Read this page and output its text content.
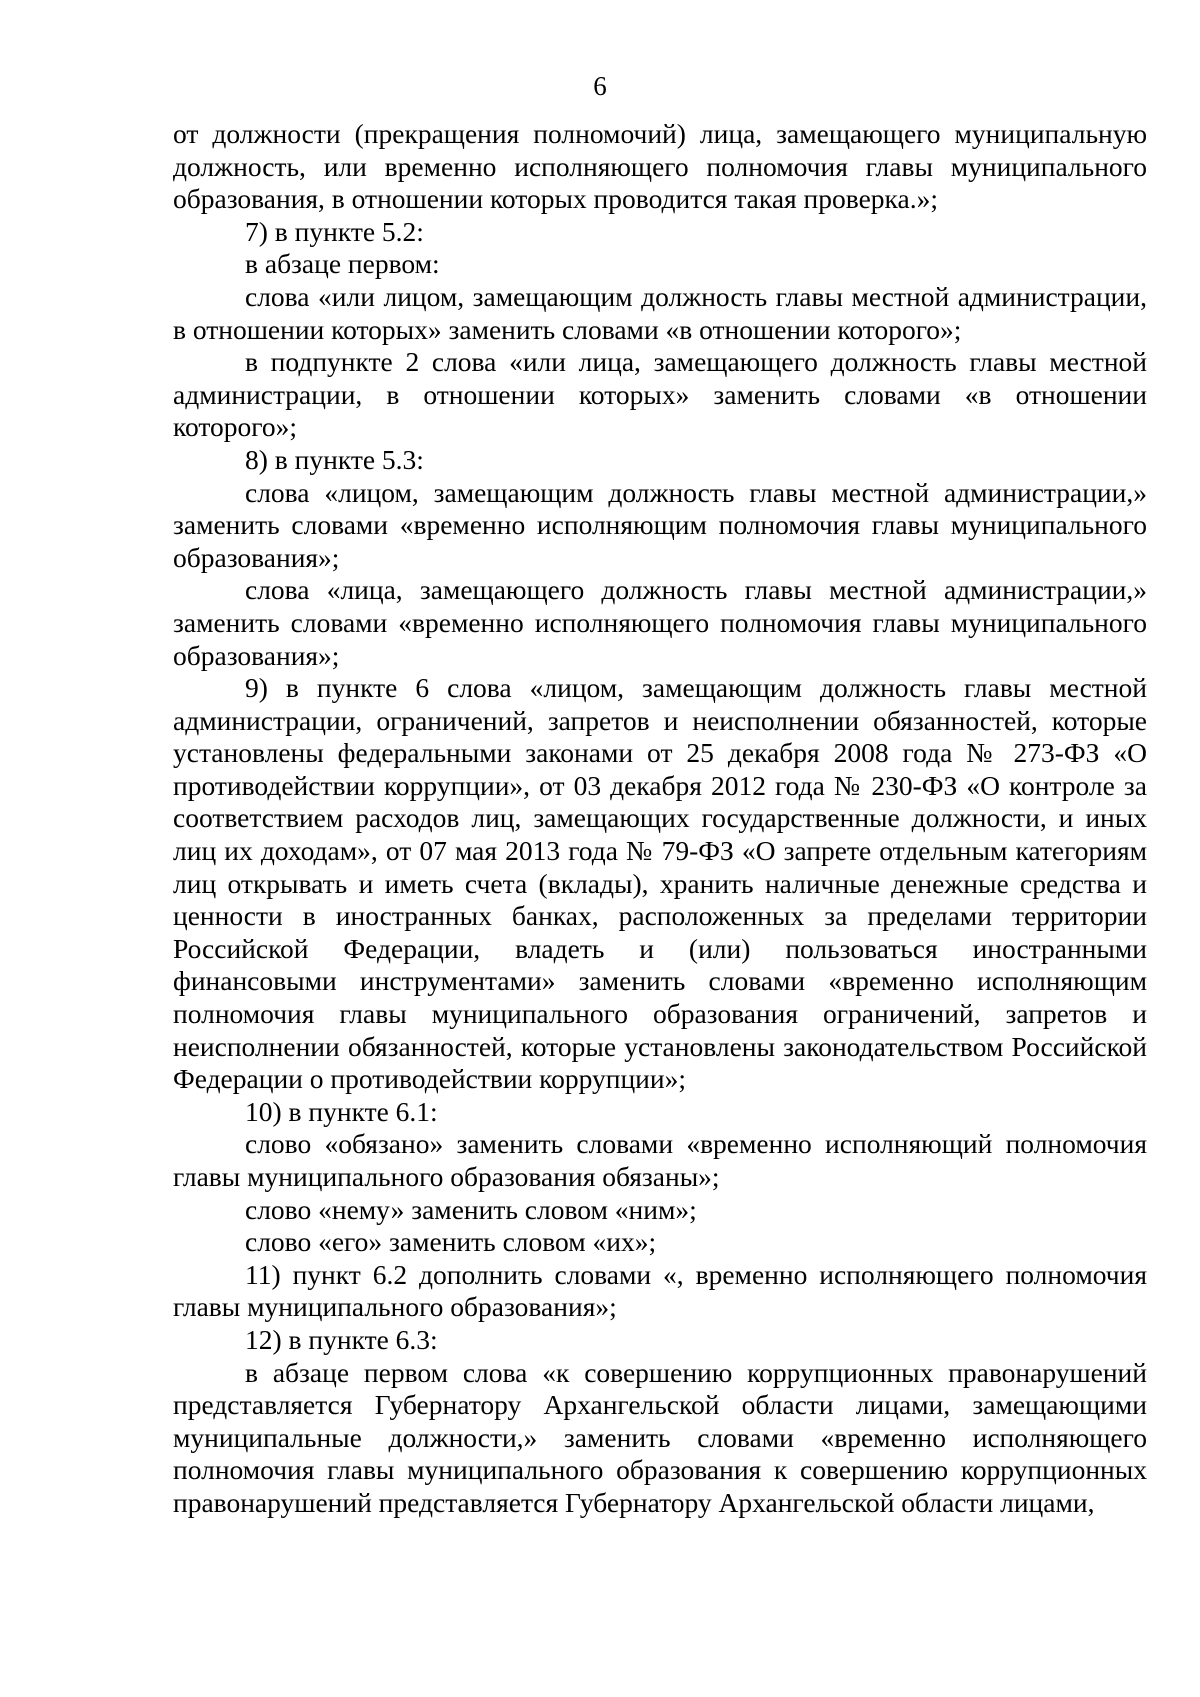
6

от должности (прекращения полномочий) лица, замещающего муниципальную должность, или временно исполняющего полномочия главы муниципального образования, в отношении которых проводится такая проверка.»;

7) в пункте 5.2:

в абзаце первом:

слова «или лицом, замещающим должность главы местной администрации, в отношении которых» заменить словами «в отношении которого»;

в подпункте 2 слова «или лица, замещающего должность главы местной администрации, в отношении которых» заменить словами «в отношении которого»;

8) в пункте 5.3:

слова «лицом, замещающим должность главы местной администрации,» заменить словами «временно исполняющим полномочия главы муниципального образования»;

слова «лица, замещающего должность главы местной администрации,» заменить словами «временно исполняющего полномочия главы муниципального образования»;

9) в пункте 6 слова «лицом, замещающим должность главы местной администрации, ограничений, запретов и неисполнении обязанностей, которые установлены федеральными законами от 25 декабря 2008 года № 273-ФЗ «О противодействии коррупции», от 03 декабря 2012 года № 230-ФЗ «О контроле за соответствием расходов лиц, замещающих государственные должности, и иных лиц их доходам», от 07 мая 2013 года № 79-ФЗ «О запрете отдельным категориям лиц открывать и иметь счета (вклады), хранить наличные денежные средства и ценности в иностранных банках, расположенных за пределами территории Российской Федерации, владеть и (или) пользоваться иностранными финансовыми инструментами» заменить словами «временно исполняющим полномочия главы муниципального образования ограничений, запретов и неисполнении обязанностей, которые установлены законодательством Российской Федерации о противодействии коррупции»;

10) в пункте 6.1:

слово «обязано» заменить словами «временно исполняющий полномочия главы муниципального образования обязаны»;

слово «нему» заменить словом «ним»;

слово «его» заменить словом «их»;

11) пункт 6.2 дополнить словами «, временно исполняющего полномочия главы муниципального образования»;

12) в пункте 6.3:

в абзаце первом слова «к совершению коррупционных правонарушений представляется Губернатору Архангельской области лицами, замещающими муниципальные должности,» заменить словами «временно исполняющего полномочия главы муниципального образования к совершению коррупционных правонарушений представляется Губернатору Архангельской области лицами,
